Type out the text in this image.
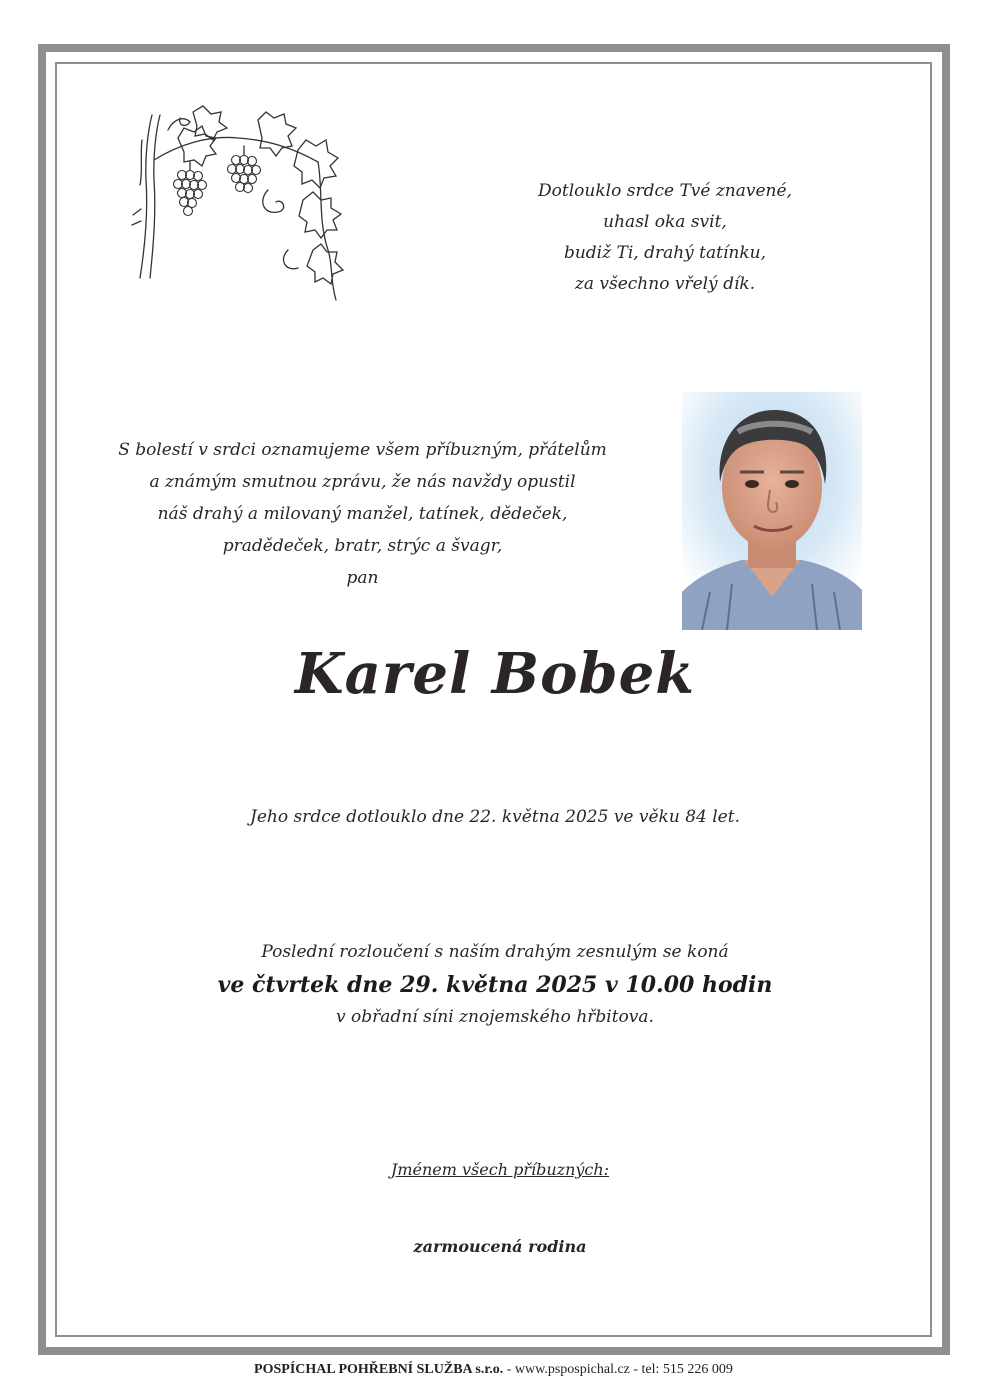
Dotlouklo srdce Tvé znavené,
uhasl oka svit,
budiž Ti, drahý tatínku,
za všechno vřelý dík.
S bolestí v srdci oznamujeme všem příbuzným, přátelům
a známým smutnou zprávu, že nás navždy opustil
náš drahý a milovaný manžel, tatínek, dědeček,
pradědeček, bratr, strýc a švagr,
pan
Karel Bobek
Jeho srdce dotlouklo dne 22. května 2025 ve věku 84 let.
Poslední rozloučení s naším drahým zesnulým se koná
ve čtvrtek dne 29. května 2025 v 10.00 hodin
v obřadní síni znojemského hřbitova.
Jménem všech příbuzných:
zarmoucená rodina
POSPÍCHAL POHŘEBNÍ SLUŽBA s.r.o. - www.pspospichal.cz - tel: 515 226 009
